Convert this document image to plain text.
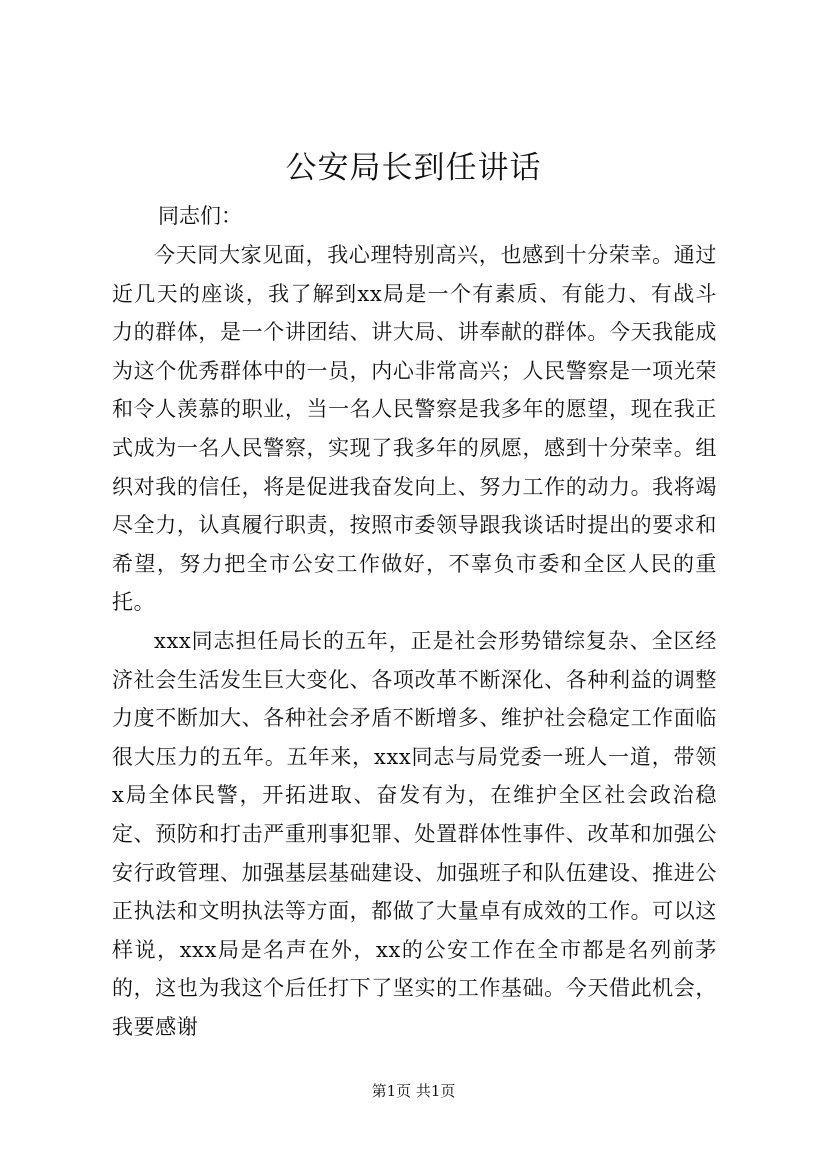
公安局长到任讲话
同志们：

今天同大家见面，我心理特别高兴，也感到十分荣幸。通过近几天的座谈，我了解到xx局是一个有素质、有能力、有战斗力的群体，是一个讲团结、讲大局、讲奉献的群体。今天我能成为这个优秀群体中的一员，内心非常高兴；人民警察是一项光荣和令人羡慕的职业，当一名人民警察是我多年的愿望，现在我正式成为一名人民警察，实现了我多年的夙愿，感到十分荣幸。组织对我的信任，将是促进我奋发向上、努力工作的动力。我将竭尽全力，认真履行职责，按照市委领导跟我谈话时提出的要求和希望，努力把全市公安工作做好，不辜负市委和全区人民的重托。

xxx同志担任局长的五年，正是社会形势错综复杂、全区经济社会生活发生巨大变化、各项改革不断深化、各种利益的调整力度不断加大、各种社会矛盾不断增多、维护社会稳定工作面临很大压力的五年。五年来，xxx同志与局党委一班人一道，带领x局全体民警，开拓进取、奋发有为，在维护全区社会政治稳定、预防和打击严重刑事犯罪、处置群体性事件、改革和加强公安行政管理、加强基层基础建设、加强班子和队伍建设、推进公正执法和文明执法等方面，都做了大量卓有成效的工作。可以这样说，xxx局是名声在外，xx的公安工作在全市都是名列前茅的，这也为我这个后任打下了坚实的工作基础。今天借此机会，我要感谢

第1页 共1页
